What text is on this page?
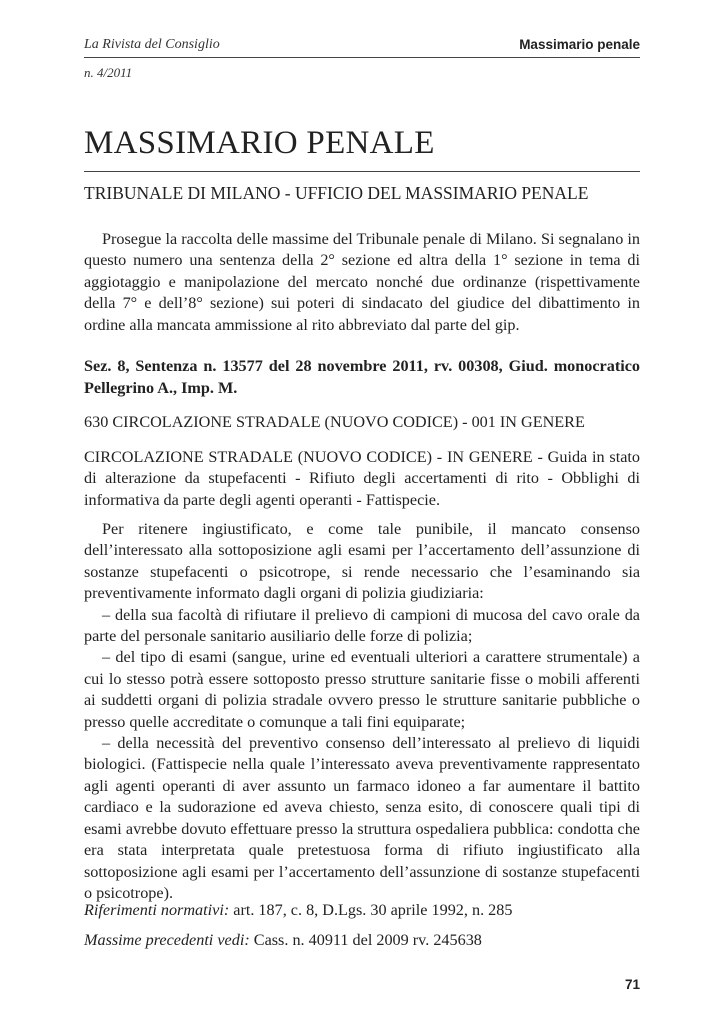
La Rivista del Consiglio	Massimario penale
n. 4/2011
MASSIMARIO PENALE
TRIBUNALE DI MILANO - UFFICIO DEL MASSIMARIO PENALE

Prosegue la raccolta delle massime del Tribunale penale di Milano. Si segnalano in questo numero una sentenza della 2° sezione ed altra della 1° sezione in tema di aggiotaggio e manipolazione del mercato nonché due ordinanze (rispettivamente della 7° e dell’8° sezione) sui poteri di sindacato del giudice del dibattimento in ordine alla mancata ammissione al rito abbreviato dal parte del gip.

Sez. 8, Sentenza n. 13577 del 28 novembre 2011, rv. 00308, Giud. monocratico Pellegrino A., Imp. M.

630 CIRCOLAZIONE STRADALE (NUOVO CODICE) - 001 IN GENERE

CIRCOLAZIONE STRADALE (NUOVO CODICE) - IN GENERE - Guida in stato di alterazione da stupefacenti - Rifiuto degli accertamenti di rito - Obblighi di informativa da parte degli agenti operanti - Fattispecie.

Per ritenere ingiustificato, e come tale punibile, il mancato consenso dell’interessato alla sottoposizione agli esami per l’accertamento dell’assunzione di sostanze stupefacenti o psicotrope, si rende necessario che l’esaminando sia preventivamente informato dagli organi di polizia giudiziaria:

– della sua facoltà di rifiutare il prelievo di campioni di mucosa del cavo orale da parte del personale sanitario ausiliario delle forze di polizia;

– del tipo di esami (sangue, urine ed eventuali ulteriori a carattere strumentale) a cui lo stesso potrà essere sottoposto presso strutture sanitarie fisse o mobili afferenti ai suddetti organi di polizia stradale ovvero presso le strutture sanitarie pubbliche o presso quelle accreditate o comunque a tali fini equiparate;

– della necessità del preventivo consenso dell’interessato al prelievo di liquidi biologici. (Fattispecie nella quale l’interessato aveva preventivamente rappresentato agli agenti operanti di aver assunto un farmaco idoneo a far aumentare il battito cardiaco e la sudorazione ed aveva chiesto, senza esito, di conoscere quali tipi di esami avrebbe dovuto effettuare presso la struttura ospedaliera pubblica: condotta che era stata interpretata quale pretestuosa forma di rifiuto ingiustificato alla sottoposizione agli esami per l’accertamento dell’assunzione di sostanze stupefacenti o psicotrope).

Riferimenti normativi: art. 187, c. 8, D.Lgs. 30 aprile 1992, n. 285

Massime precedenti vedi: Cass. n. 40911 del 2009 rv. 245638

71
